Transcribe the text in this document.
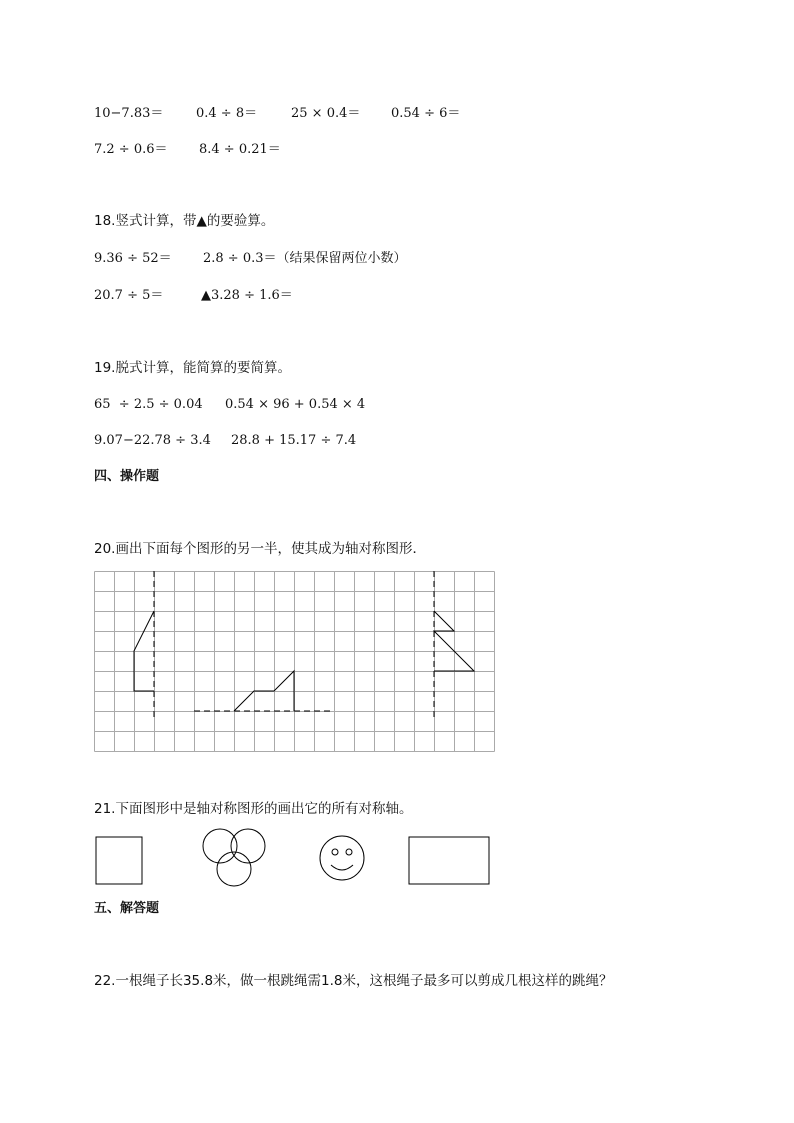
10−7.83＝	0.4 ÷ 8＝	25 × 0.4＝ 0.54 ÷ 6＝
7.2 ÷ 0.6＝ 8.4 ÷ 0.21＝
18.竖式计算，带▲的要验算。
9.36 ÷ 52＝ 2.8 ÷ 0.3＝（结果保留两位小数）
20.7 ÷ 5＝	▲3.28 ÷ 1.6＝
19.脱式计算，能简算的要简算。
65  ÷ 2.5 ÷ 0.04 0.54 × 96 + 0.54 × 4
9.07−22.78 ÷ 3.4 28.8 + 15.17 ÷ 7.4
四、操作题
20.画出下面每个图形的另一半，使其成为轴对称图形．
21.下面图形中是轴对称图形的画出它的所有对称轴。
五、解答题
22.一根绳子长35.8米，做一根跳绳需1.8米，这根绳子最多可以剪成几根这样的跳绳？
